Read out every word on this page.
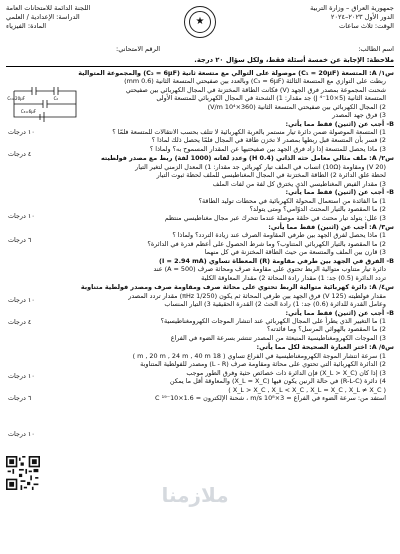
جمهورية العراق – وزارة التربية
الدور الأول ٢٠٢٣–٢٠٢٤
الوقت: ثلاث ساعات
★
اللجنة الدائمة للامتحانات العامة
الدراسة: الإعدادية / العلمي
المادة: الفيزياء
اسم الطالب:
الرقم الامتحاني:
ملاحظة: الإجابة عن خمسة أسئلة فقط، ولكل سؤال ٢٠ درجة.
س١/ A: المتسعة (C₁ = 20μF) موصولة على التوالي مع متسعة ثانية (C₂ = 6μF) والمجموعة المتوالية
ربطت على التوازي مع المتسعة الثالثة (C₃ = 6μF) وبالعدد بين صفيحتي المتسعة الثانية (0.6 mm)
شحنت المجموعة بمصدر فرق الجهد (V) فكانت الطاقة المختزنة في المجال الكهربائي بين صفيحتي
المتسعة الثانية (5×10⁻⁴ J) جد مقدار: 1) الشحنة في المجال الكهربائي للمتسعة الأولى
2) المجال الكهربائي بين صفيحتي المتسعة الثانية (360×10⁴ V/m)
3) فرق جهد المصدر
B- أجب عن (اثنين) فقط مما يأتي:
1) المتسعة الموصولة ضمن دائرة تيار مستمر بالعربة الكهربائية لا تتلف بحسب الانتقالات للمتسعة فلمّا ؟
2) فسر بأن المتسعة قبل ربطها بمصدر لا تخزن طاقة في المجال فلمّا يحصل ذلك لماذا ؟
3) ماذا يحصل للمتسعة إذا زاد فرق الجهد بين صفيحتيها عن المقدار المسموح به؟ ولماذا ؟
C₁=20μF	C₂
C₃=6μF
س٢/ A: ملف مثالي معامل حثه الذاتي (0.4 H) وعدد لفاته (1000 لفة) ربط مع مصدر فولطيته
(20 V) ومقاومة (10Ω) انساب في الملف تيار كهربائي جد مقدار: 1) المعدل الزمني لتغير التيار
لحظة غلق الدائرة 2) الطاقة المختزنة في المجال المغناطيسي للملف لحظة ثبوت التيار
3) مقدار الفيض المغناطيسي الذي يخترق كل لفة من لفات الملف
B- أجب عن (اثنين) فقط مما يأتي:
1) ما الفائدة من استعمال المحولة الكهربائية في محطات توليد الطاقة؟
2) ما المقصود بالتيار المحتث الدوّامي؟ ومتى يتولد؟
3) علل: يتولد تيار محتث في حلقة موصلة عندما تتحرك عبر مجال مغناطيسي منتظم
س٣/ A: أجب عن (اثنين) فقط مما يأتي:
1) ماذا يحصل لفرق الجهد بين طرفي المقاومة الصرف عند زيادة التردد؟ ولماذا ؟
2) ما المقصود بالتيار الكهربائي المتناوب؟ وما شرط الحصول على أعظم قدرة في الدائرة؟
3) قارن بين الملف والمتسعة من حيث الطاقة المختزنة في كل منهما
B- الفرق في الجهد بين طرفي مقاومة (R) المعطاة تساوي (I = 2.94 mA)
دائرة تيار متناوب متوالية الربط تحتوي على مقاومة صرف ومحاثة صرف (A = 500) عند
تردد الدائرة (0.5) جد: 1) مقدار رادة المحاثة 2) مقدار المعاوقة الكلية
س٤/ A: دائرة كهربائية متوالية الربط تحتوي على محاثة صرف ومقاومة صرف ومصدر فولطية متناوبة
مقدار فولطيته (125 V) فرق الجهد بين طرفي المحاثة ثم يكون (1/250 πHz) مقدار تردد المصدر
وعامل القدرة للدائرة (0.6) جد: 1) رادة الحث 2) القدرة الحقيقية 3) التيار المنساب
B- أجب عن (اثنين) فقط مما يأتي:
1) ما التغيير الذي يطرأ على المجال الكهربائي عند انتشار الموجات الكهرومغناطيسية؟
2) ما المقصود بالهوائي المرسل؟ وما فائدته؟
3) الموجات الكهرومغناطيسية المنبعثة من المصدر تنتشر بسرعة الضوء في الفراغ
س٥/ A: اختر العبارة الصحيحة لكل مما يأتي:
1) سرعة انتشار الموجة الكهرومغناطيسية في الفراغ تساوي ( 18 m , 20 m , 24 m , 40 m )
2) الدائرة الكهربائية التي تحتوي على محاثة ومقاومة صرف (L - R) ومصدر للفولطية المتناوبة
3) إذا كان (X_L > X_C) فإن الدائرة ذات خصائص حثية وفرق الطور موجب
4) دائرة (R-L-C) في حالة الرنين يكون فيها (X_L = X_C) والمعاوقة أقل ما يمكن
( X_L > X_C , X_L < X_C , X_L = X_C , X_L ≠ X_C )
استفد من: سرعة الضوء في الفراغ = 3×10⁸ m/s ، شحنة الإلكترون = 1.6×10⁻¹⁹ C
١٠ درجات
٤ درجات
١٠ درجات
٦ درجات
١٠ درجات
٤ درجات
١٠ درجات
٦ درجات
١٠ درجات
ملازمنا
